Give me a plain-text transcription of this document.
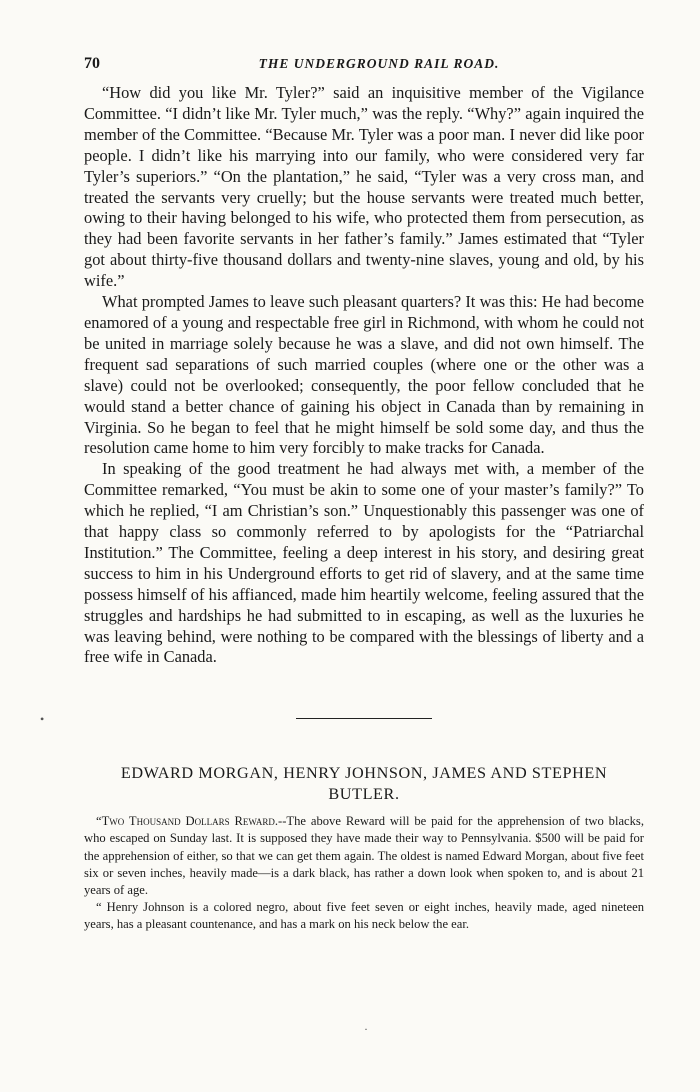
70	THE UNDERGROUND RAIL ROAD.

“How did you like Mr. Tyler?” said an inquisitive member of the Vigilance Committee. “I didn’t like Mr. Tyler much,” was the reply. “Why?” again inquired the member of the Committee. “Because Mr. Tyler was a poor man. I never did like poor people. I didn’t like his marrying into our family, who were considered very far Tyler’s superiors.” “On the plantation,” he said, “Tyler was a very cross man, and treated the servants very cruelly; but the house servants were treated much better, owing to their having belonged to his wife, who protected them from persecution, as they had been favorite servants in her father’s family.” James estimated that “Tyler got about thirty-five thousand dollars and twenty-nine slaves, young and old, by his wife.”

What prompted James to leave such pleasant quarters? It was this: He had become enamored of a young and respectable free girl in Richmond, with whom he could not be united in marriage solely because he was a slave, and did not own himself. The frequent sad separations of such married couples (where one or the other was a slave) could not be overlooked; consequently, the poor fellow concluded that he would stand a better chance of gaining his object in Canada than by remaining in Virginia. So he began to feel that he might himself be sold some day, and thus the resolution came home to him very forcibly to make tracks for Canada.

In speaking of the good treatment he had always met with, a member of the Committee remarked, “You must be akin to some one of your master’s family?” To which he replied, “I am Christian’s son.” Unquestionably this passenger was one of that happy class so commonly referred to by apologists for the “Patriarchal Institution.” The Committee, feeling a deep interest in his story, and desiring great success to him in his Underground efforts to get rid of slavery, and at the same time possess himself of his affianced, made him heartily welcome, feeling assured that the struggles and hardships he had submitted to in escaping, as well as the luxuries he was leaving behind, were nothing to be compared with the blessings of liberty and a free wife in Canada.

EDWARD MORGAN, HENRY JOHNSON, JAMES AND STEPHEN BUTLER.

“Two Thousand Dollars Reward.--The above Reward will be paid for the apprehension of two blacks, who escaped on Sunday last. It is supposed they have made their way to Pennsylvania. $500 will be paid for the apprehension of either, so that we can get them again. The oldest is named Edward Morgan, about five feet six or seven inches, heavily made—is a dark black, has rather a down look when spoken to, and is about 21 years of age.

“ Henry Johnson is a colored negro, about five feet seven or eight inches, heavily made, aged nineteen years, has a pleasant countenance, and has a mark on his neck below the ear.

•
·
